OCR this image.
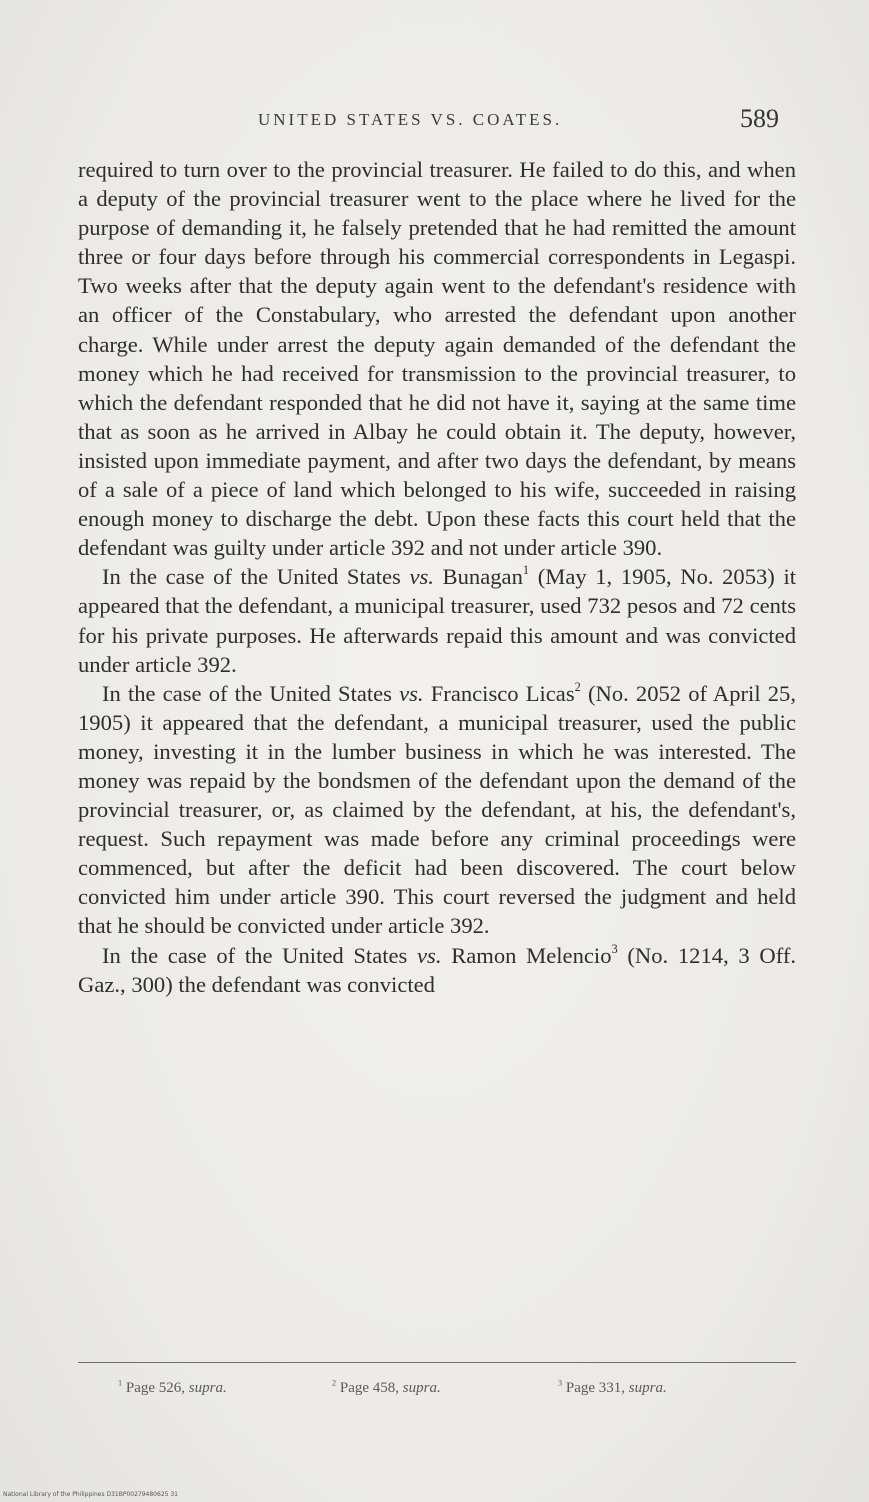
UNITED STATES VS. COATES.	589

required to turn over to the provincial treasurer. He failed to do this, and when a deputy of the provincial treasurer went to the place where he lived for the purpose of demanding it, he falsely pretended that he had remitted the amount three or four days before through his commercial correspondents in Legaspi. Two weeks after that the deputy again went to the defendant's residence with an officer of the Constabulary, who arrested the defendant upon another charge. While under arrest the deputy again demanded of the defendant the money which he had received for transmission to the provincial treasurer, to which the defendant responded that he did not have it, saying at the same time that as soon as he arrived in Albay he could obtain it. The deputy, however, insisted upon immediate payment, and after two days the defendant, by means of a sale of a piece of land which belonged to his wife, succeeded in raising enough money to discharge the debt. Upon these facts this court held that the defendant was guilty under article 392 and not under article 390.

In the case of the United States vs. Bunagan$^1$ (May 1, 1905, No. 2053) it appeared that the defendant, a municipal treasurer, used 732 pesos and 72 cents for his private purposes. He afterwards repaid this amount and was convicted under article 392.

In the case of the United States vs. Francisco Licas$^2$ (No. 2052 of April 25, 1905) it appeared that the defendant, a municipal treasurer, used the public money, investing it in the lumber business in which he was interested. The money was repaid by the bondsmen of the defendant upon the demand of the provincial treasurer, or, as claimed by the defendant, at his, the defendant's, request. Such repayment was made before any criminal proceedings were commenced, but after the deficit had been discovered. The court below convicted him under article 390. This court reversed the judgment and held that he should be convicted under article 392.

In the case of the United States vs. Ramon Melencio$^3$ (No. 1214, 3 Off. Gaz., 300) the defendant was convicted

$^1$ Page 526, supra.	$^2$ Page 458, supra.	$^3$ Page 331, supra.
National Library of the Philippines D31BP00279480625 31
